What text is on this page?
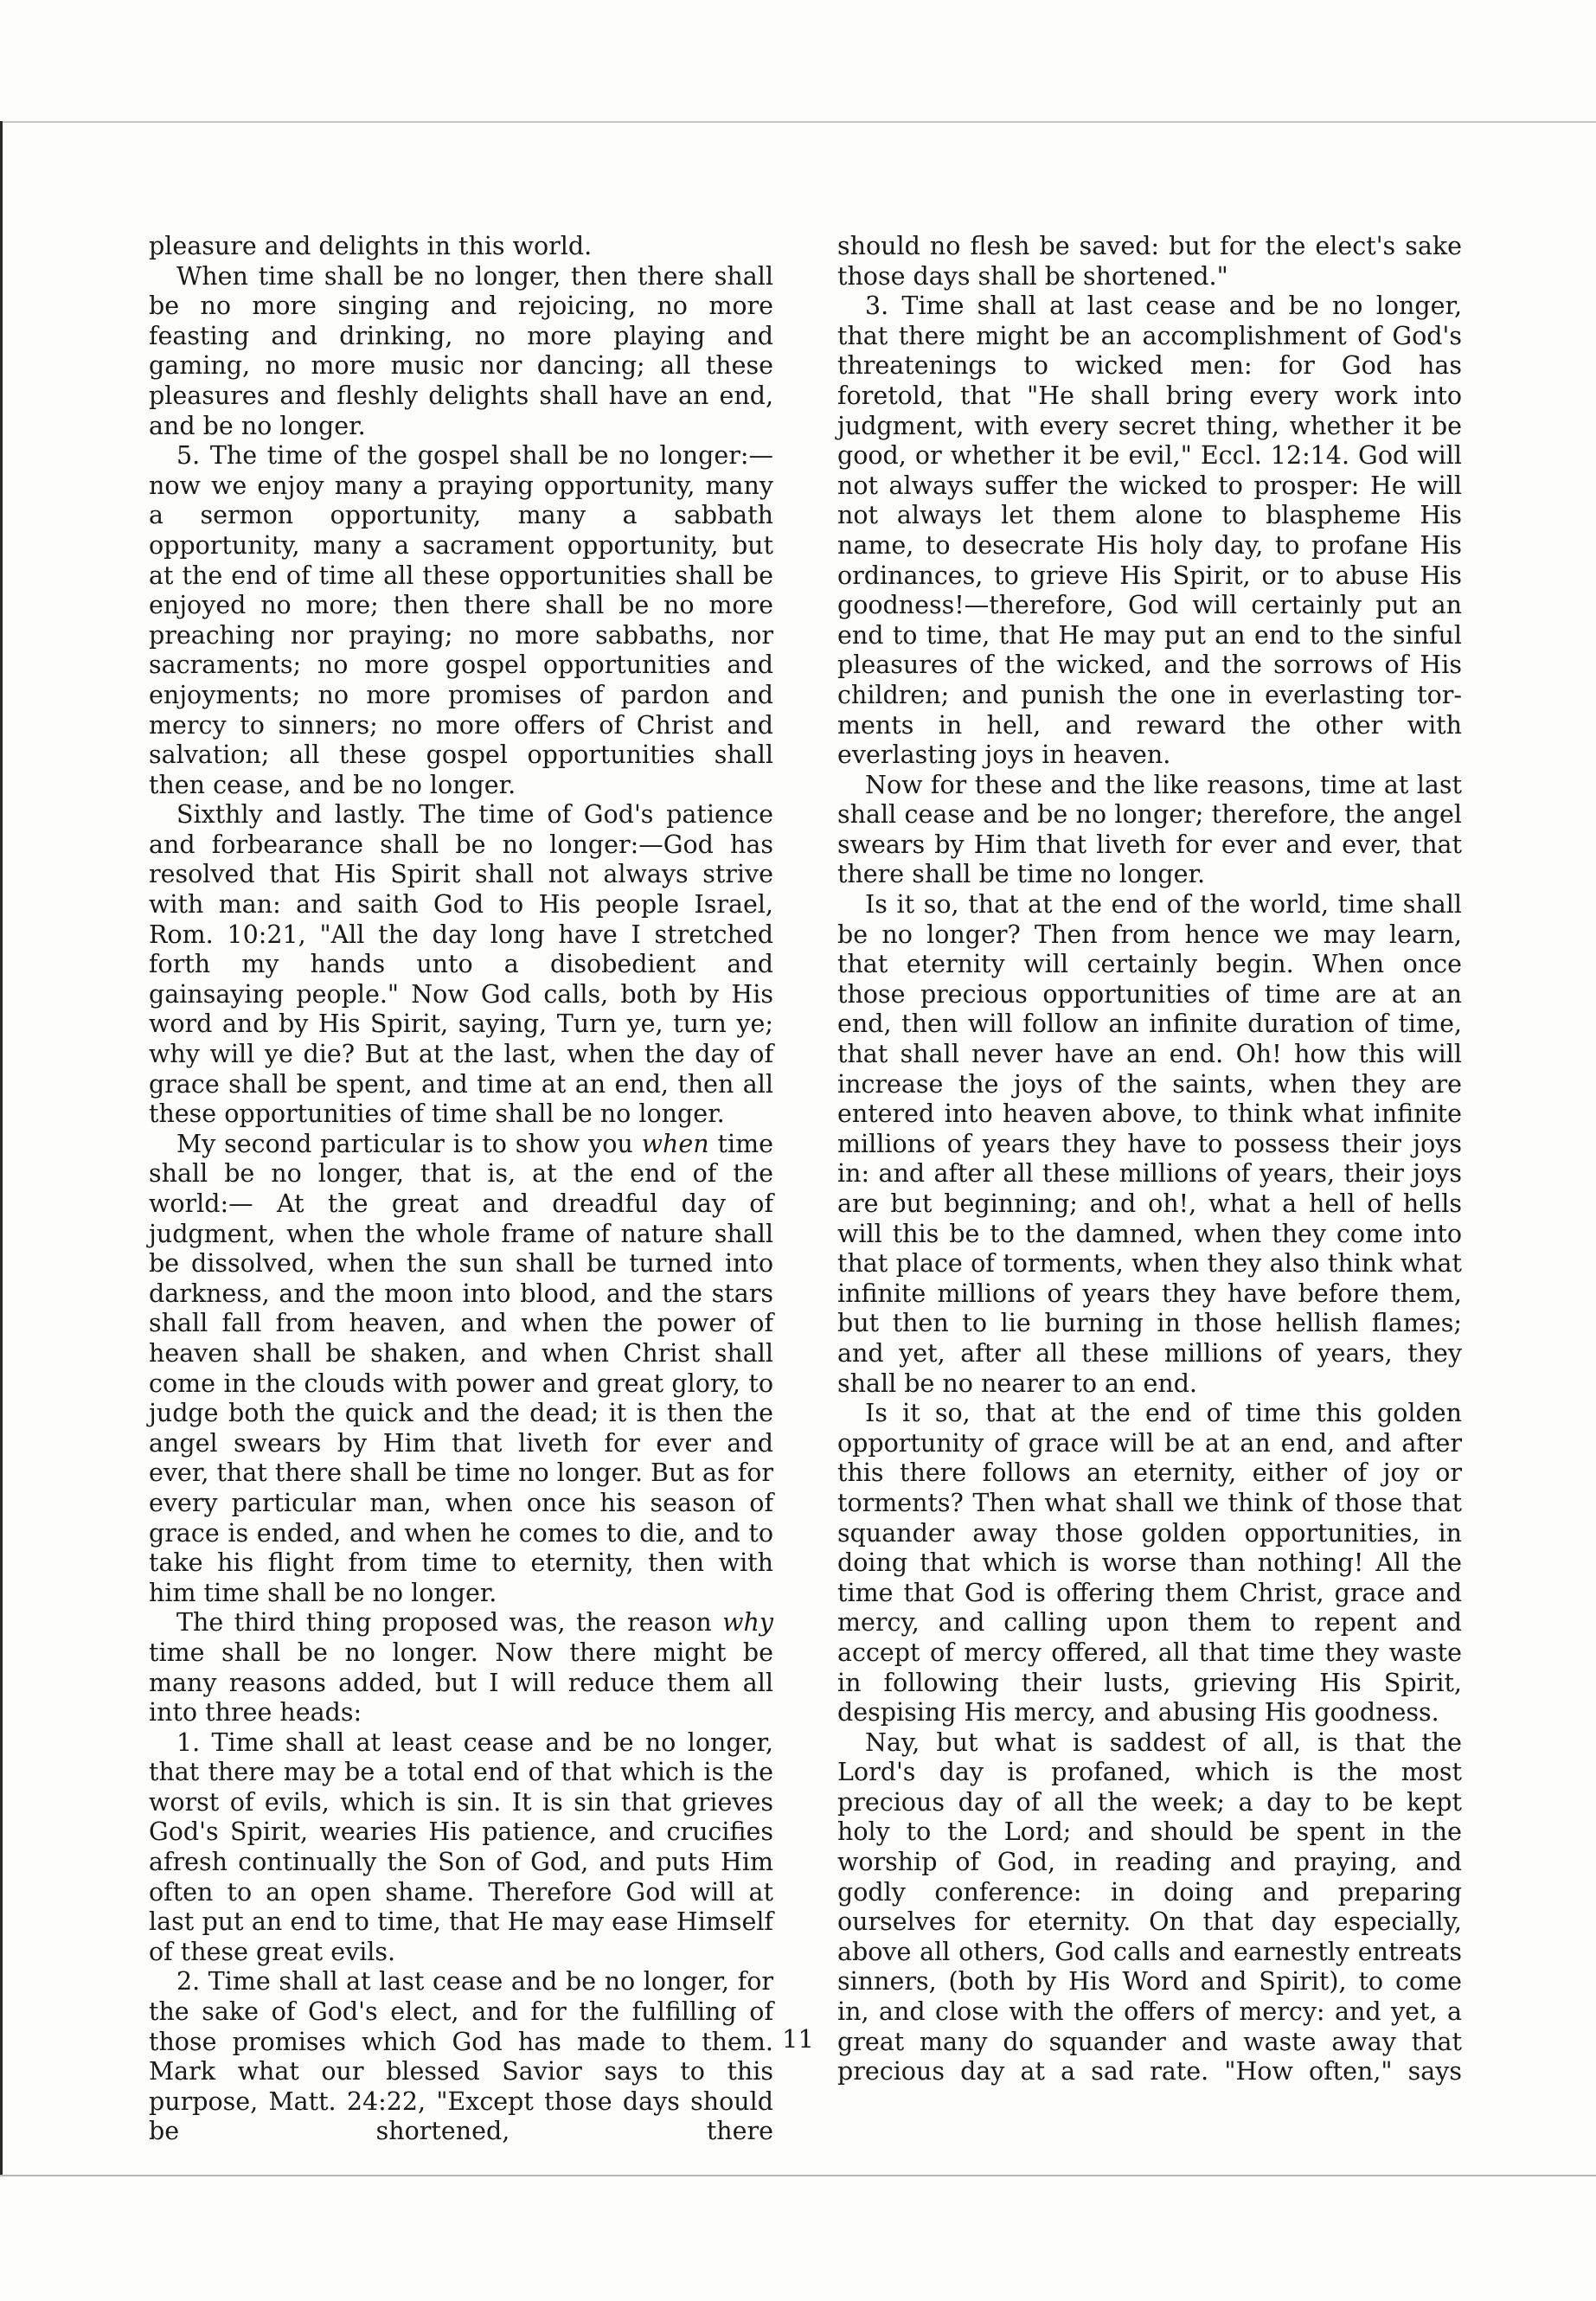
pleasure and delights in this world.

When time shall be no longer, then there shall be no more singing and rejoicing, no more feasting and drinking, no more playing and gaming, no more music nor dancing; all these pleasures and fleshly delights shall have an end, and be no longer.

5. The time of the gospel shall be no longer:—now we enjoy many a praying opportunity, many a sermon opportunity, many a sabbath opportunity, many a sacrament opportunity, but at the end of time all these opportunities shall be enjoyed no more; then there shall be no more preaching nor praying; no more sabbaths, nor sacraments; no more gospel opportunities and enjoyments; no more promises of pardon and mercy to sinners; no more offers of Christ and salvation; all these gospel opportunities shall then cease, and be no longer.

Sixthly and lastly. The time of God's patience and forbearance shall be no longer:—God has resolved that His Spirit shall not always strive with man: and saith God to His people Israel, Rom. 10:21, "All the day long have I stretched forth my hands unto a disobedient and gainsaying people." Now God calls, both by His word and by His Spirit, saying, Turn ye, turn ye; why will ye die? But at the last, when the day of grace shall be spent, and time at an end, then all these opportunities of time shall be no longer.

My second particular is to show you when time shall be no longer, that is, at the end of the world:— At the great and dreadful day of judgment, when the whole frame of nature shall be dissolved, when the sun shall be turned into darkness, and the moon into blood, and the stars shall fall from heaven, and when the power of heaven shall be shaken, and when Christ shall come in the clouds with power and great glory, to judge both the quick and the dead; it is then the angel swears by Him that liveth for ever and ever, that there shall be time no longer. But as for every particular man, when once his season of grace is ended, and when he comes to die, and to take his flight from time to eternity, then with him time shall be no longer.

The third thing proposed was, the reason why time shall be no longer. Now there might be many reasons added, but I will reduce them all into three heads:

1. Time shall at least cease and be no longer, that there may be a total end of that which is the worst of evils, which is sin. It is sin that grieves God's Spirit, wearies His patience, and crucifies afresh continually the Son of God, and puts Him often to an open shame. Therefore God will at last put an end to time, that He may ease Himself of these great evils.

2. Time shall at last cease and be no longer, for the sake of God's elect, and for the fulfilling of those promises which God has made to them. Mark what our blessed Savior says to this purpose, Matt. 24:22, "Except those days should be shortened, there

should no flesh be saved: but for the elect's sake those days shall be shortened."

3. Time shall at last cease and be no longer, that there might be an accomplishment of God's threatenings to wicked men: for God has foretold, that "He shall bring every work into judgment, with every secret thing, whether it be good, or whether it be evil," Eccl. 12:14. God will not always suffer the wicked to prosper: He will not always let them alone to blaspheme His name, to desecrate His holy day, to profane His ordinances, to grieve His Spirit, or to abuse His goodness!—therefore, God will certainly put an end to time, that He may put an end to the sinful pleasures of the wicked, and the sorrows of His children; and punish the one in everlasting torments in hell, and reward the other with everlasting joys in heaven.

Now for these and the like reasons, time at last shall cease and be no longer; therefore, the angel swears by Him that liveth for ever and ever, that there shall be time no longer.

Is it so, that at the end of the world, time shall be no longer? Then from hence we may learn, that eternity will certainly begin. When once those precious opportunities of time are at an end, then will follow an infinite duration of time, that shall never have an end. Oh! how this will increase the joys of the saints, when they are entered into heaven above, to think what infinite millions of years they have to possess their joys in: and after all these millions of years, their joys are but beginning; and oh!, what a hell of hells will this be to the damned, when they come into that place of torments, when they also think what infinite millions of years they have before them, but then to lie burning in those hellish flames; and yet, after all these millions of years, they shall be no nearer to an end.

Is it so, that at the end of time this golden opportunity of grace will be at an end, and after this there follows an eternity, either of joy or torments? Then what shall we think of those that squander away those golden opportunities, in doing that which is worse than nothing! All the time that God is offering them Christ, grace and mercy, and calling upon them to repent and accept of mercy offered, all that time they waste in following their lusts, grieving His Spirit, despising His mercy, and abusing His goodness.

Nay, but what is saddest of all, is that the Lord's day is profaned, which is the most precious day of all the week; a day to be kept holy to the Lord; and should be spent in the worship of God, in reading and praying, and godly conference: in doing and preparing ourselves for eternity. On that day especially, above all others, God calls and earnestly entreats sinners, (both by His Word and Spirit), to come in, and close with the offers of mercy: and yet, a great many do squander and waste away that precious day at a sad rate. "How often," says

11
